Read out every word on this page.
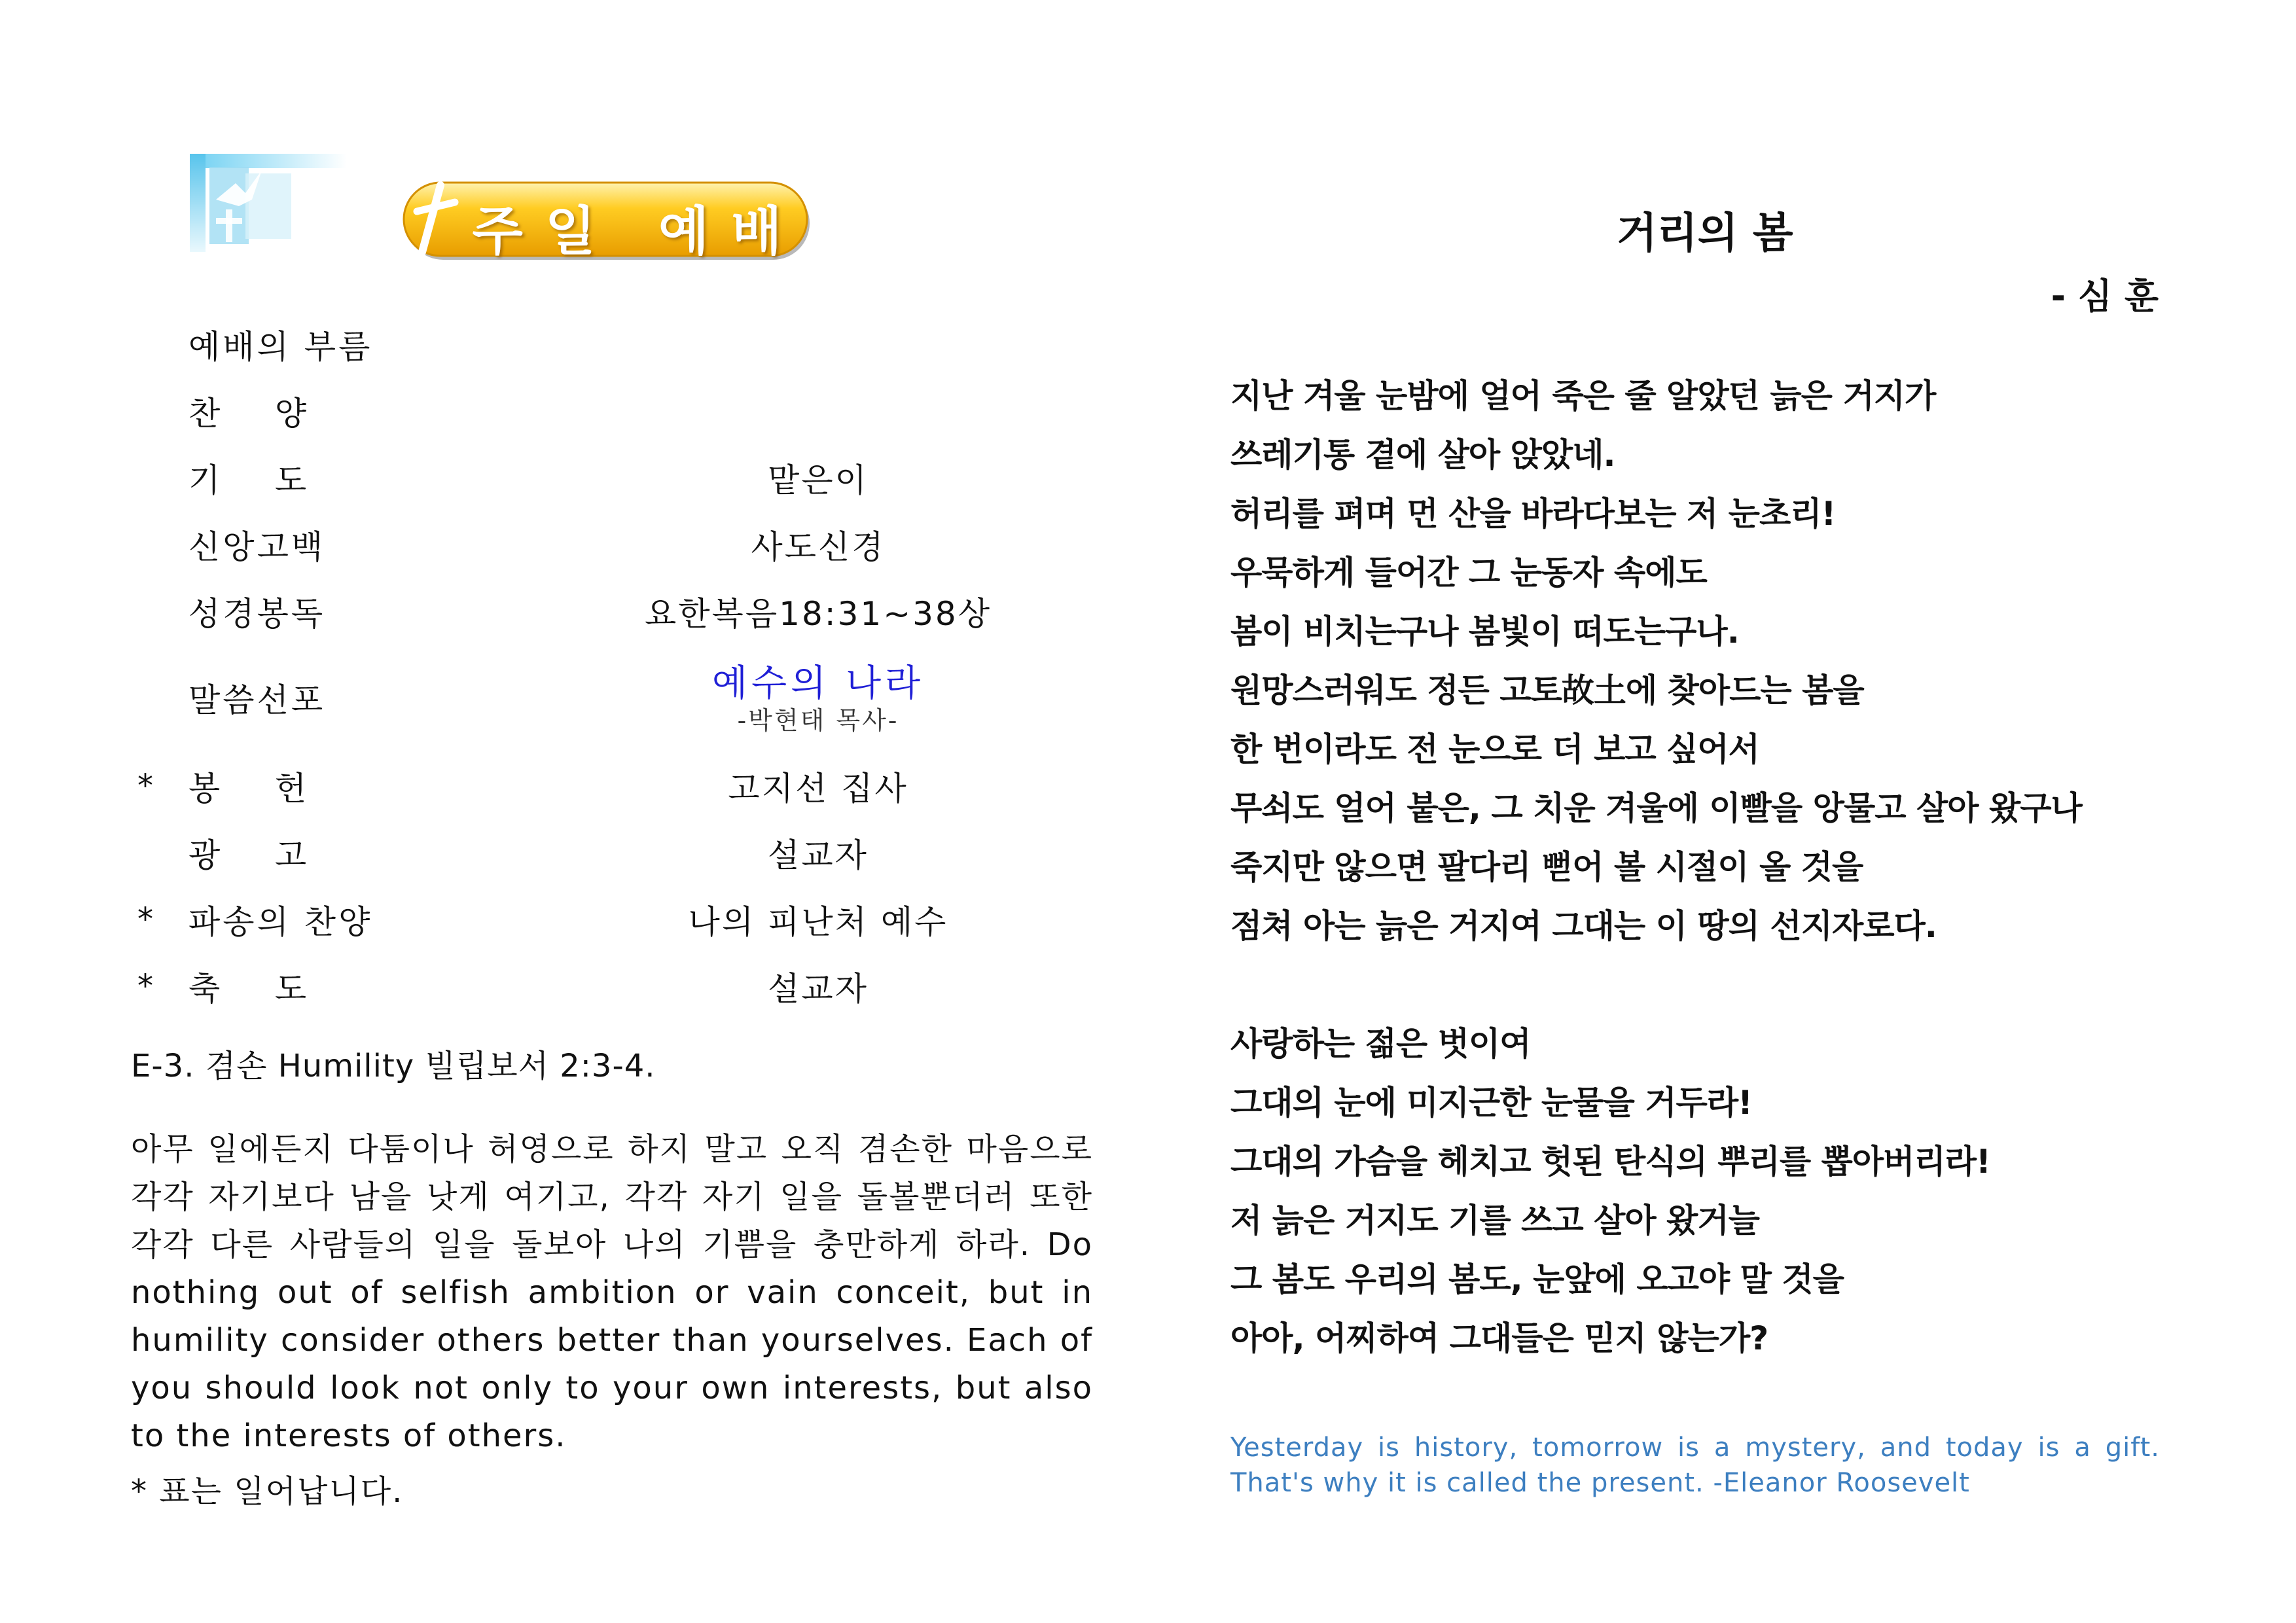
주일 예배
예배의 부름
찬    양
기    도	맡은이
신앙고백	사도신경
성경봉독	요한복음18:31~38상
말씀선포	예수의 나라
-박현태 목사-
* 봉    헌	고지선 집사
광    고	설교자
* 파송의 찬양	나의 피난처 예수
* 축    도	설교자
E-3. 겸손 Humility 빌립보서 2:3-4.
아무 일에든지 다툼이나 허영으로 하지 말고 오직 겸손한 마음으로 각각 자기보다 남을 낫게 여기고, 각각 자기 일을 돌볼뿐더러 또한 각각 다른 사람들의 일을 돌보아 나의 기쁨을 충만하게 하라. Do nothing out of selfish ambition or vain conceit, but in humility consider others better than yourselves. Each of you should look not only to your own interests, but also to the interests of others.
* 표는 일어납니다.
거리의 봄
- 심 훈
지난 겨울 눈밤에 얼어 죽은 줄 알았던 늙은 거지가
쓰레기통 곁에 살아 앉았네.
허리를 펴며 먼 산을 바라다보는 저 눈초리!
우묵하게 들어간 그 눈동자 속에도
봄이 비치는구나 봄빛이 떠도는구나.
원망스러워도 정든 고토故土에 찾아드는 봄을
한 번이라도 전 눈으로 더 보고 싶어서
무쇠도 얼어 붙은, 그 치운 겨울에 이빨을 앙물고 살아 왔구나
죽지만 않으면 팔다리 뻗어 볼 시절이 올 것을
점쳐 아는 늙은 거지여 그대는 이 땅의 선지자로다.
사랑하는 젊은 벗이여
그대의 눈에 미지근한 눈물을 거두라!
그대의 가슴을 헤치고 헛된 탄식의 뿌리를 뽑아버리라!
저 늙은 거지도 기를 쓰고 살아 왔거늘
그 봄도 우리의 봄도, 눈앞에 오고야 말 것을
아아, 어찌하여 그대들은 믿지 않는가?
Yesterday is history, tomorrow is a mystery, and today is a gift. That's why it is called the present. -Eleanor Roosevelt
